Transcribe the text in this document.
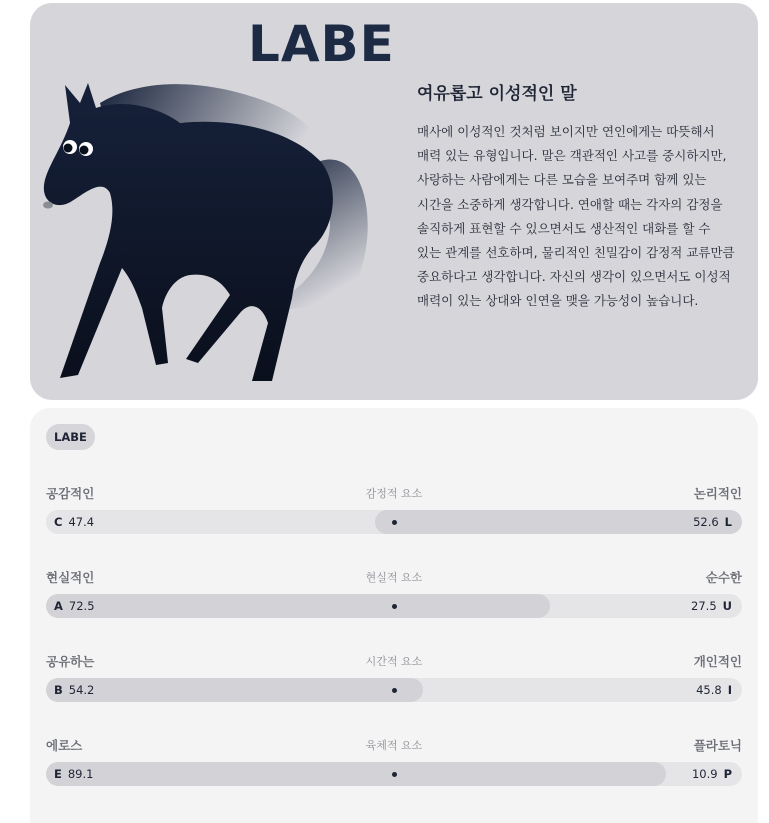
LABE
여유롭고 이성적인 말

매사에 이성적인 것처럼 보이지만 연인에게는 따뜻해서 매력 있는 유형입니다. 말은 객관적인 사고를 중시하지만, 사랑하는 사람에게는 다른 모습을 보여주며 함께 있는 시간을 소중하게 생각합니다. 연애할 때는 각자의 감정을 솔직하게 표현할 수 있으면서도 생산적인 대화를 할 수 있는 관계를 선호하며, 물리적인 친밀감이 감정적 교류만큼 중요하다고 생각합니다. 자신의 생각이 있으면서도 이성적 매력이 있는 상대와 인연을 맺을 가능성이 높습니다.

LABE
공감적인	감정적 요소	논리적인
C 47.4	52.6 L
현실적인	현실적 요소	순수한
A 72.5	27.5 U
공유하는	시간적 요소	개인적인
B 54.2	45.8 I
에로스	육체적 요소	플라토닉
E 89.1	10.9 P
